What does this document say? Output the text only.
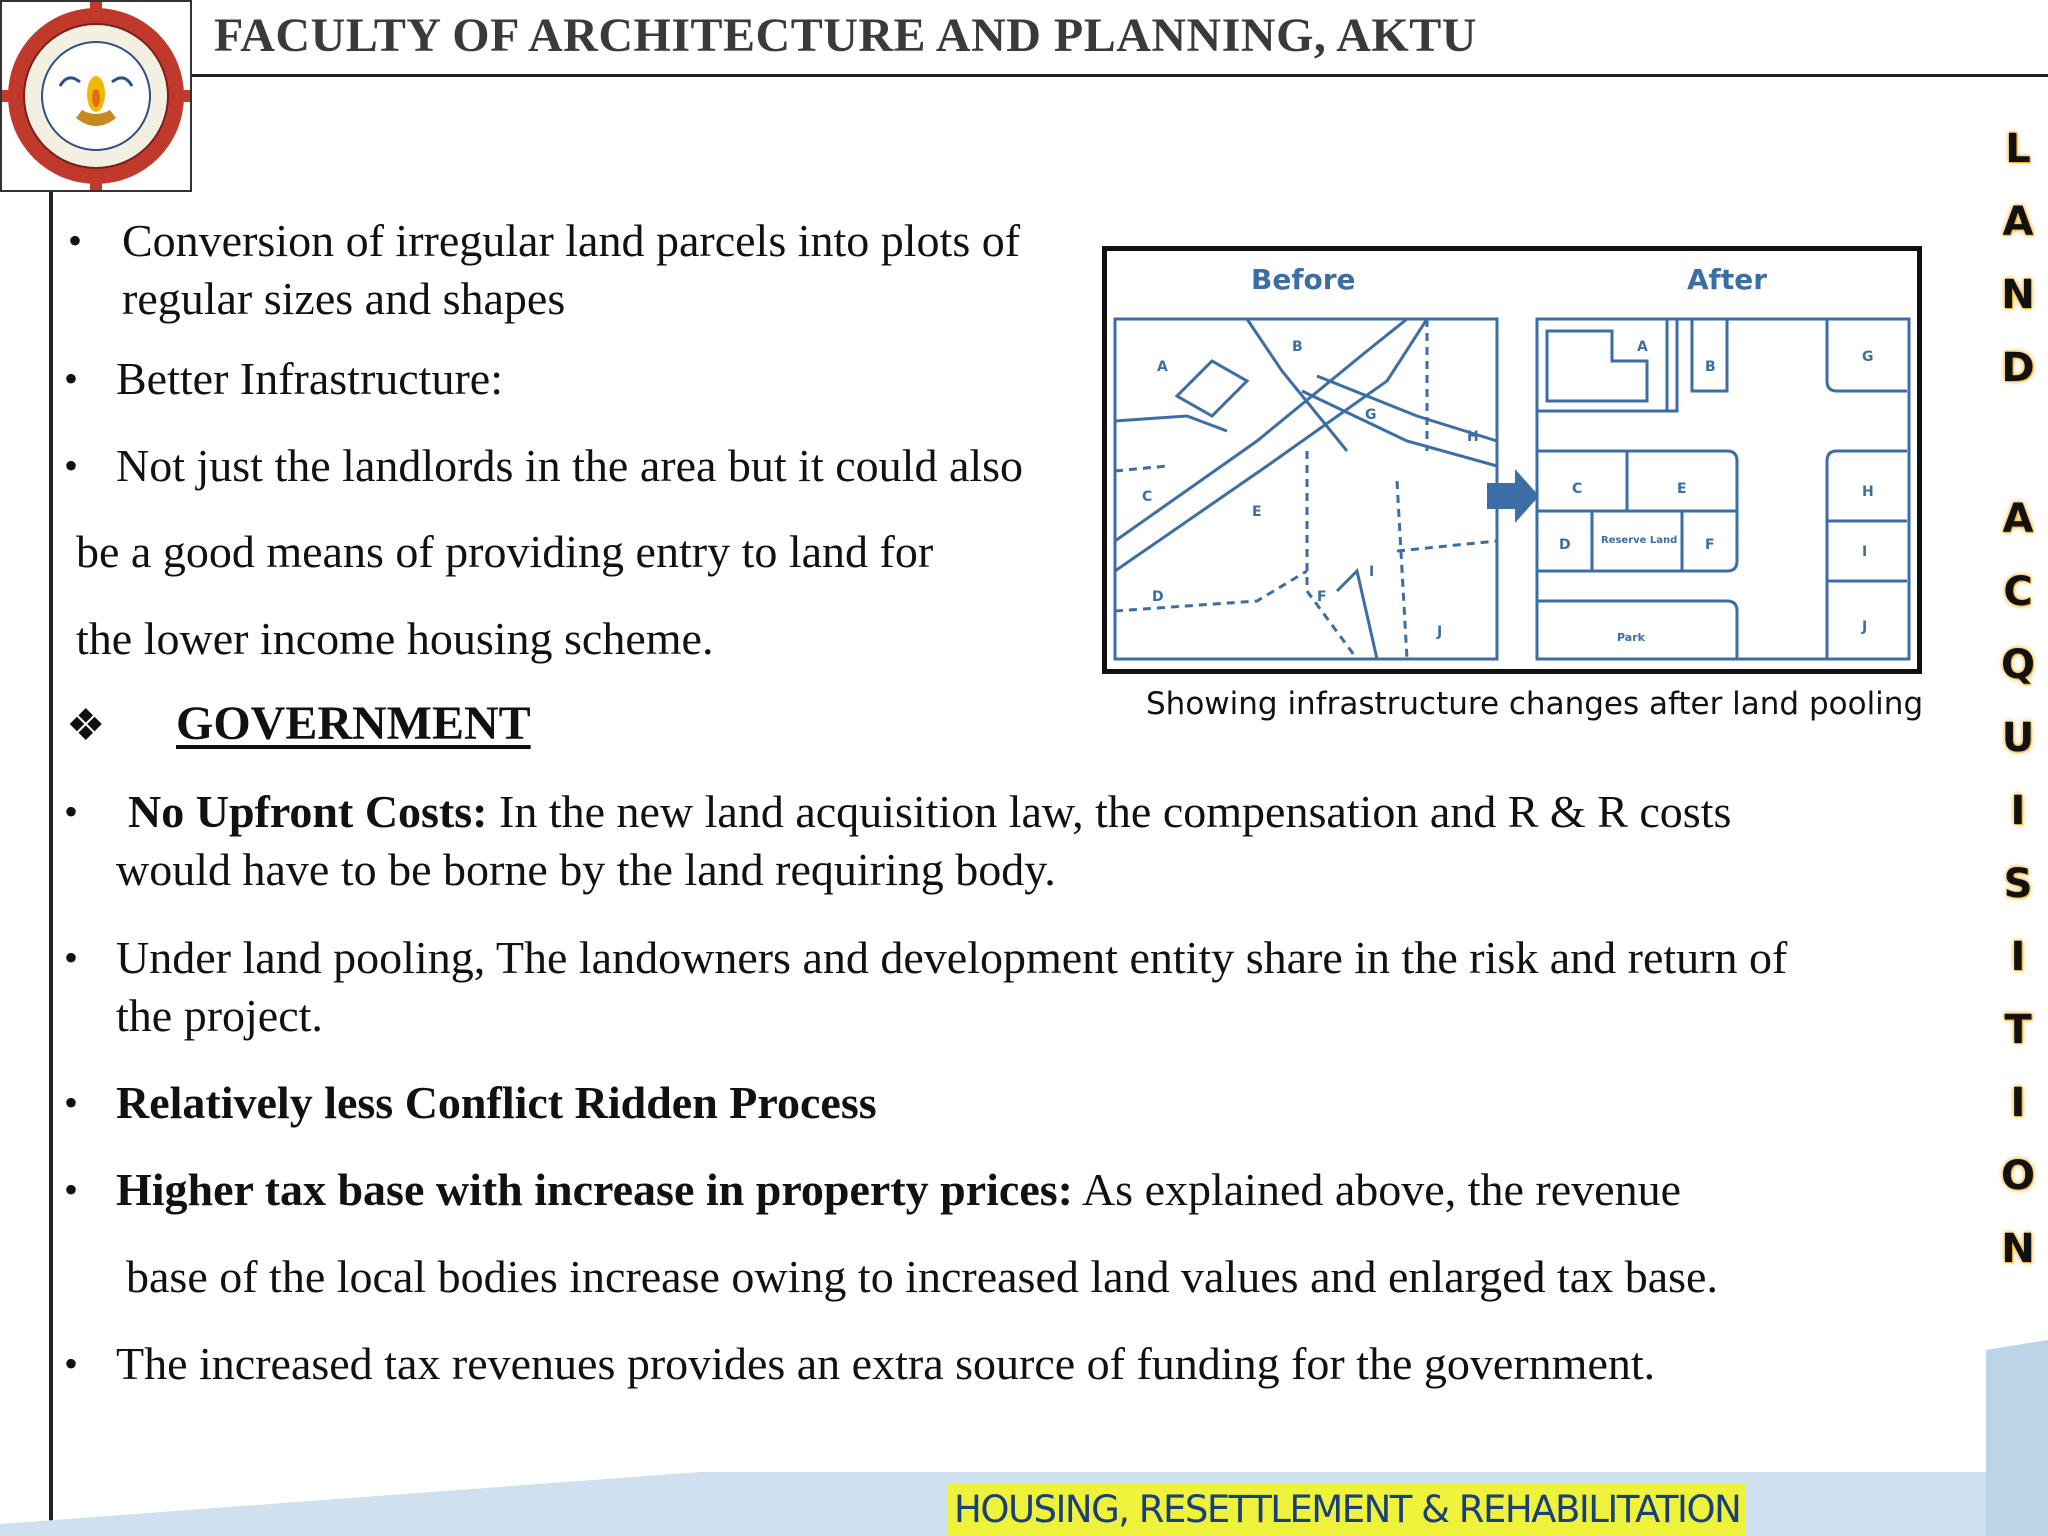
FACULTY OF ARCHITECTURE AND PLANNING, AKTU
L
A
N
D
A
C
Q
U
I
S
I
T
I
O
N
• Conversion of irregular land parcels into plots of
regular sizes and shapes
• Better Infrastructure:
• Not just the landlords in the area but it could also
be a good means of providing entry to land for
the lower income housing scheme.
❖ GOVERNMENT
• No Upfront Costs: In the new land acquisition law, the compensation and R & R costs
would have to be borne by the land requiring body.
• Under land pooling, The landowners and development entity share in the risk and return of
the project.
• Relatively less Conflict Ridden Process
• Higher tax base with increase in property prices: As explained above, the revenue
base of the local bodies increase owing to increased land values and enlarged tax base.
• The increased tax revenues provides an extra source of funding for the government.
Before	After
A
B
C
D
E
F
G
H
I
J
A
B
C
D
E
F
G
H
I
J
Reserve Land
Park
Showing infrastructure changes after land pooling
HOUSING, RESETTLEMENT & REHABILITATION
